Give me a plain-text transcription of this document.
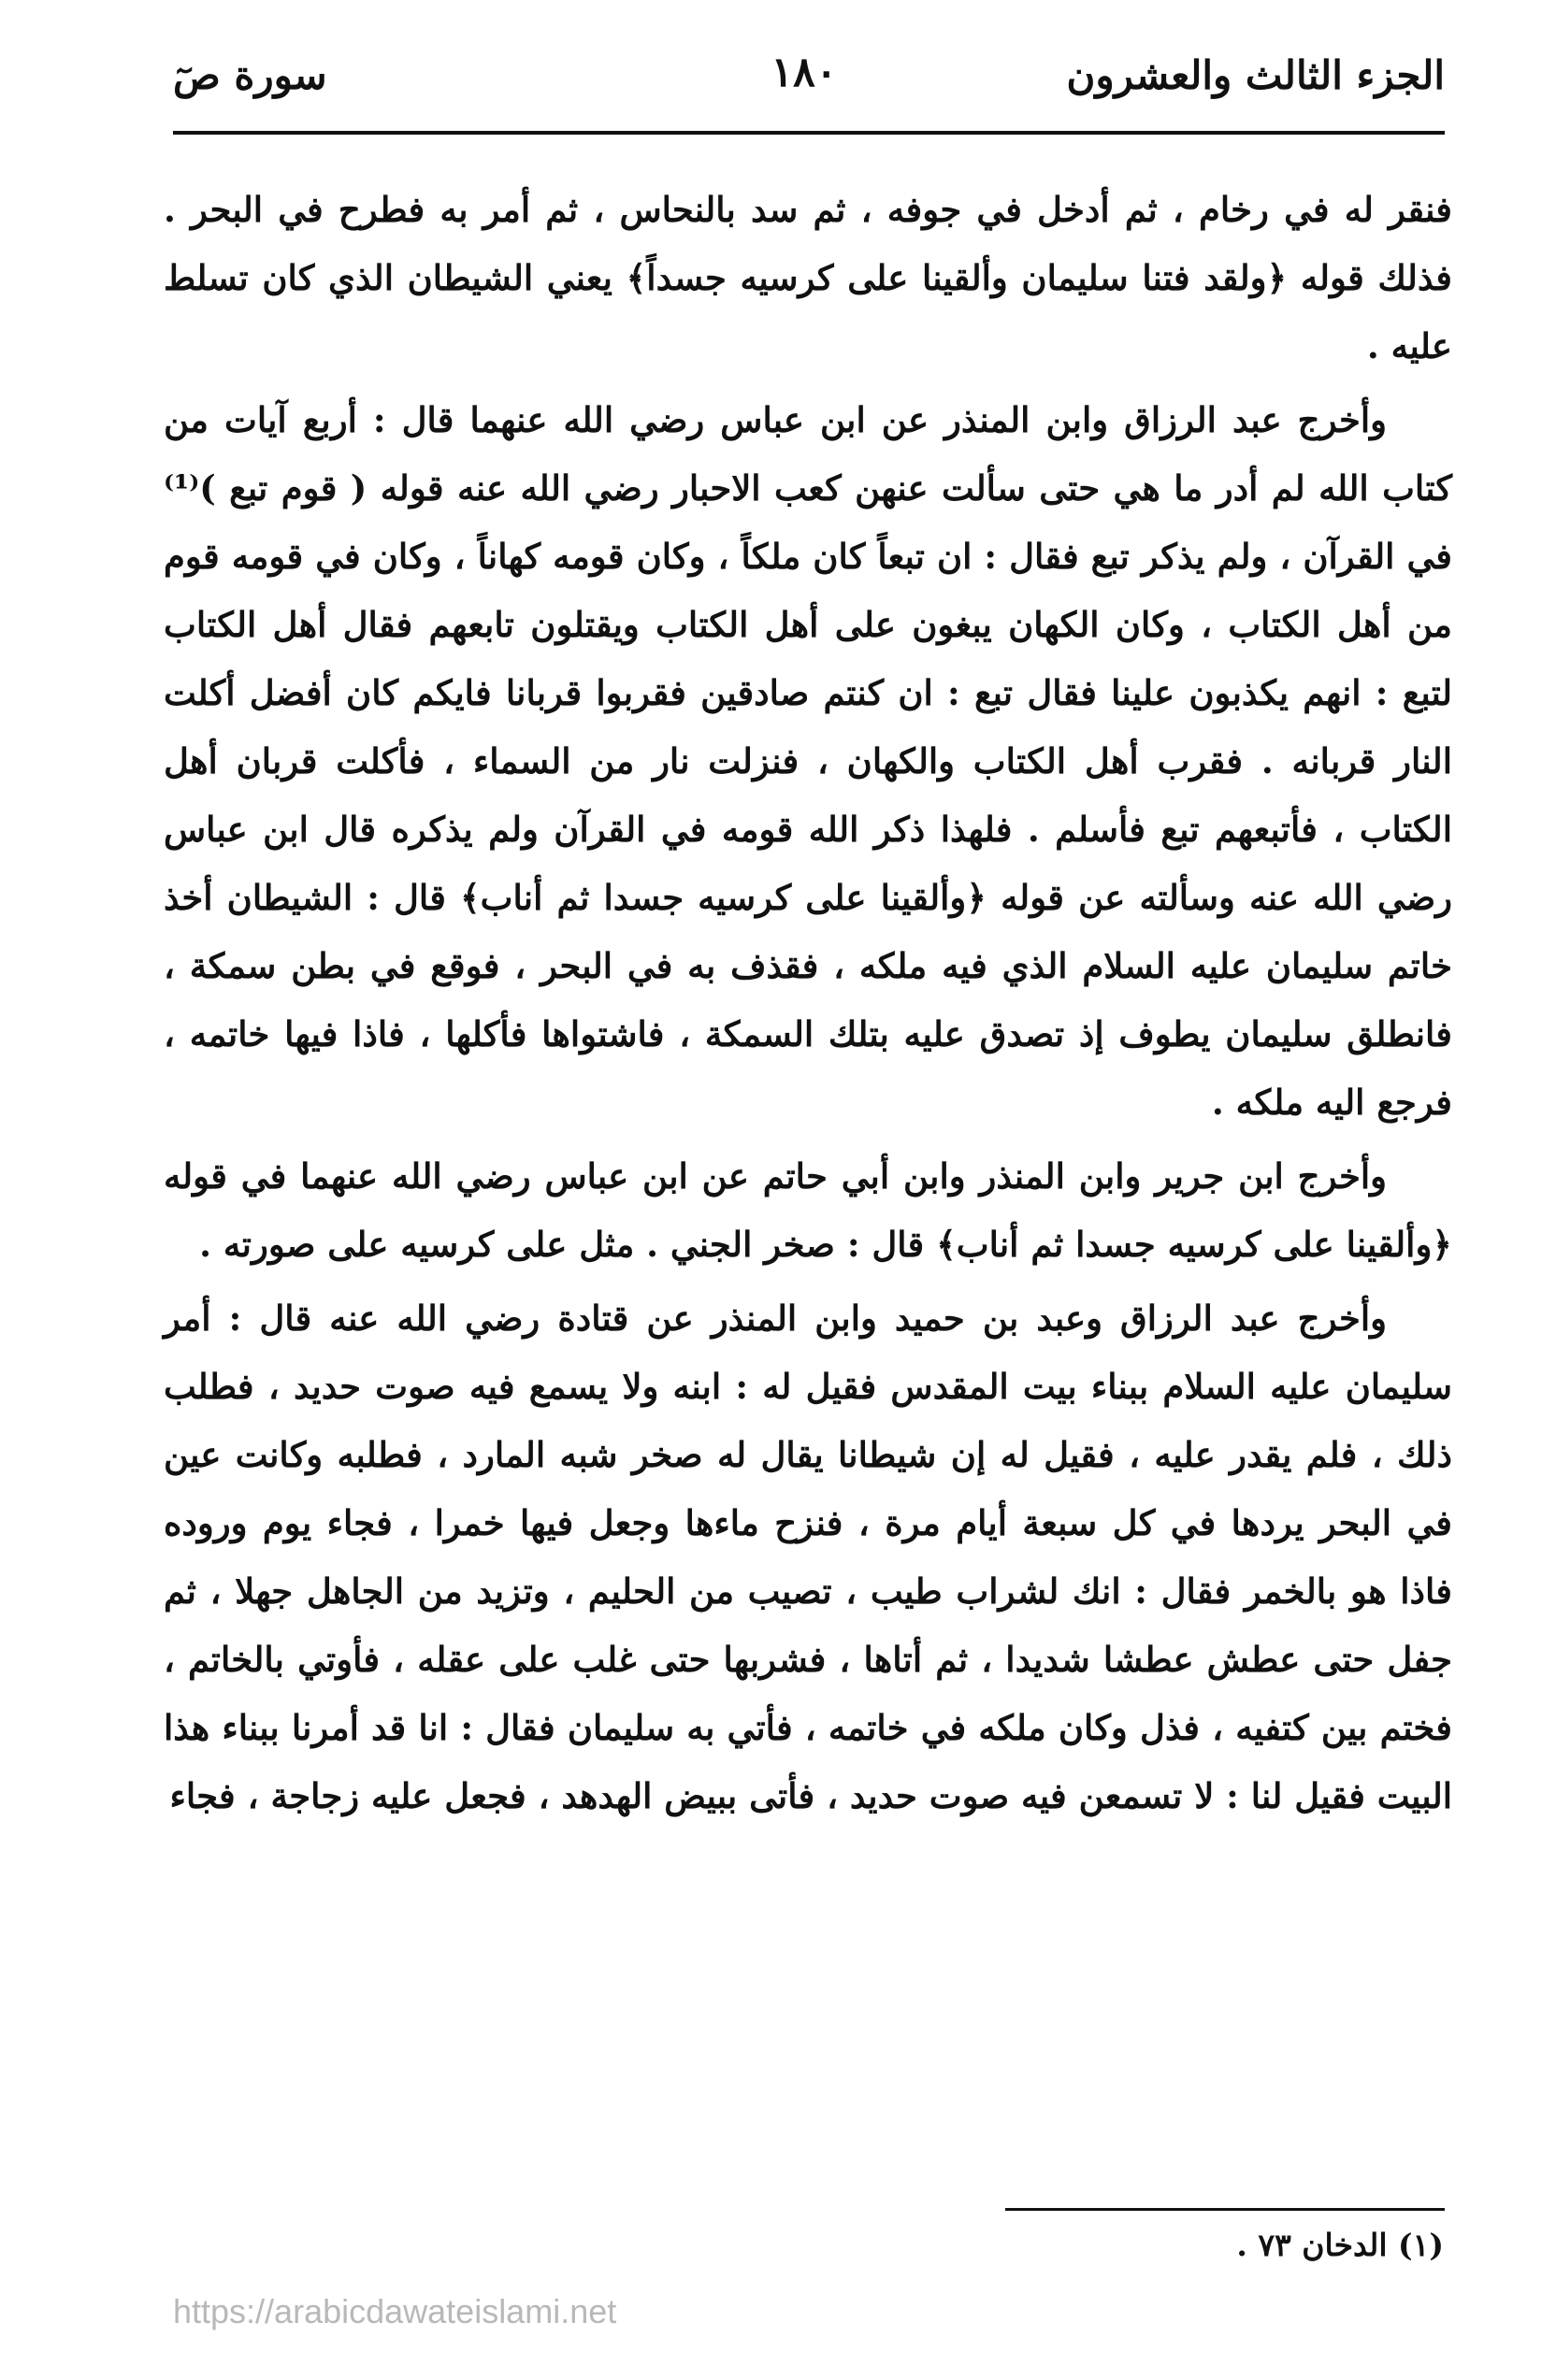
الجزء الثالث والعشرون
١٨٠
سورة صٓ

فنقر له في رخام ، ثم أدخل في جوفه ، ثم سد بالنحاس ، ثم أمر به فطرح في البحر . فذلك قوله ﴿ولقد فتنا سليمان وألقينا على كرسيه جسداً﴾ يعني الشيطان الذي كان تسلط عليه .

وأخرج عبد الرزاق وابن المنذر عن ابن عباس رضي الله عنهما قال : أربع آيات من كتاب الله لم أدر ما هي حتى سألت عنهن كعب الاحبار رضي الله عنه قوله ( قوم تبع )⁽¹⁾ في القرآن ، ولم يذكر تبع فقال : ان تبعاً كان ملكاً ، وكان قومه كهاناً ، وكان في قومه قوم من أهل الكتاب ، وكان الكهان يبغون على أهل الكتاب ويقتلون تابعهم فقال أهل الكتاب لتبع : انهم يكذبون علينا فقال تبع : ان كنتم صادقين فقربوا قربانا فايكم كان أفضل أكلت النار قربانه . فقرب أهل الكتاب والكهان ، فنزلت نار من السماء ، فأكلت قربان أهل الكتاب ، فأتبعهم تبع فأسلم . فلهذا ذكر الله قومه في القرآن ولم يذكره قال ابن عباس رضي الله عنه وسألته عن قوله ﴿وألقينا على كرسيه جسدا ثم أناب﴾ قال : الشيطان أخذ خاتم سليمان عليه السلام الذي فيه ملكه ، فقذف به في البحر ، فوقع في بطن سمكة ، فانطلق سليمان يطوف إذ تصدق عليه بتلك السمكة ، فاشتواها فأكلها ، فاذا فيها خاتمه ، فرجع اليه ملكه .

وأخرج ابن جرير وابن المنذر وابن أبي حاتم عن ابن عباس رضي الله عنهما في قوله ﴿وألقينا على كرسيه جسدا ثم أناب﴾ قال : صخر الجني . مثل على كرسيه على صورته .

وأخرج عبد الرزاق وعبد بن حميد وابن المنذر عن قتادة رضي الله عنه قال : أمر سليمان عليه السلام ببناء بيت المقدس فقيل له : ابنه ولا يسمع فيه صوت حديد ، فطلب ذلك ، فلم يقدر عليه ، فقيل له إن شيطانا يقال له صخر شبه المارد ، فطلبه وكانت عين في البحر يردها في كل سبعة أيام مرة ، فنزح ماءها وجعل فيها خمرا ، فجاء يوم وروده فاذا هو بالخمر فقال : انك لشراب طيب ، تصيب من الحليم ، وتزيد من الجاهل جهلا ، ثم جفل حتى عطش عطشا شديدا ، ثم أتاها ، فشربها حتى غلب على عقله ، فأوتي بالخاتم ، فختم بين كتفيه ، فذل وكان ملكه في خاتمه ، فأتي به سليمان فقال : انا قد أمرنا ببناء هذا البيت فقيل لنا : لا تسمعن فيه صوت حديد ، فأتى ببيض الهدهد ، فجعل عليه زجاجة ، فجاء

(١) الدخان ٧٣ .
https://arabicdawateislami.net
